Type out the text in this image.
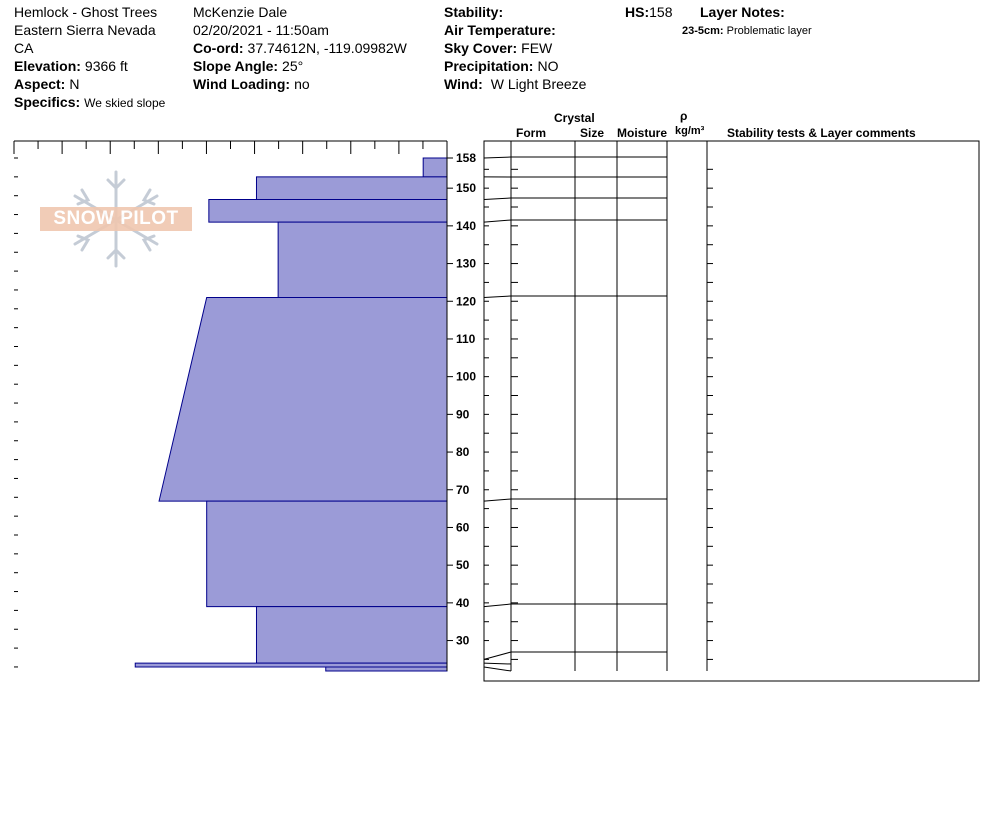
Hemlock - Ghost Trees
Eastern Sierra Nevada
CA
Elevation: 9366 ft
Aspect: N
Specifics: We skied slope
McKenzie Dale
02/20/2021 - 11:50am
Co-ord: 37.74612N, -119.09982W
Slope Angle: 25°
Wind Loading: no
Stability:
Air Temperature:
Sky Cover: FEW
Precipitation: NO
Wind: W Light Breeze
HS:158 Layer Notes:
23-5cm: Problematic layer
Crystal	ρ
Form	Size Moisture kg/m³ Stability tests & Layer comments
158
150
140
130
120
110
100
90
80
70
60
50
40
30
SNOW PILOT
